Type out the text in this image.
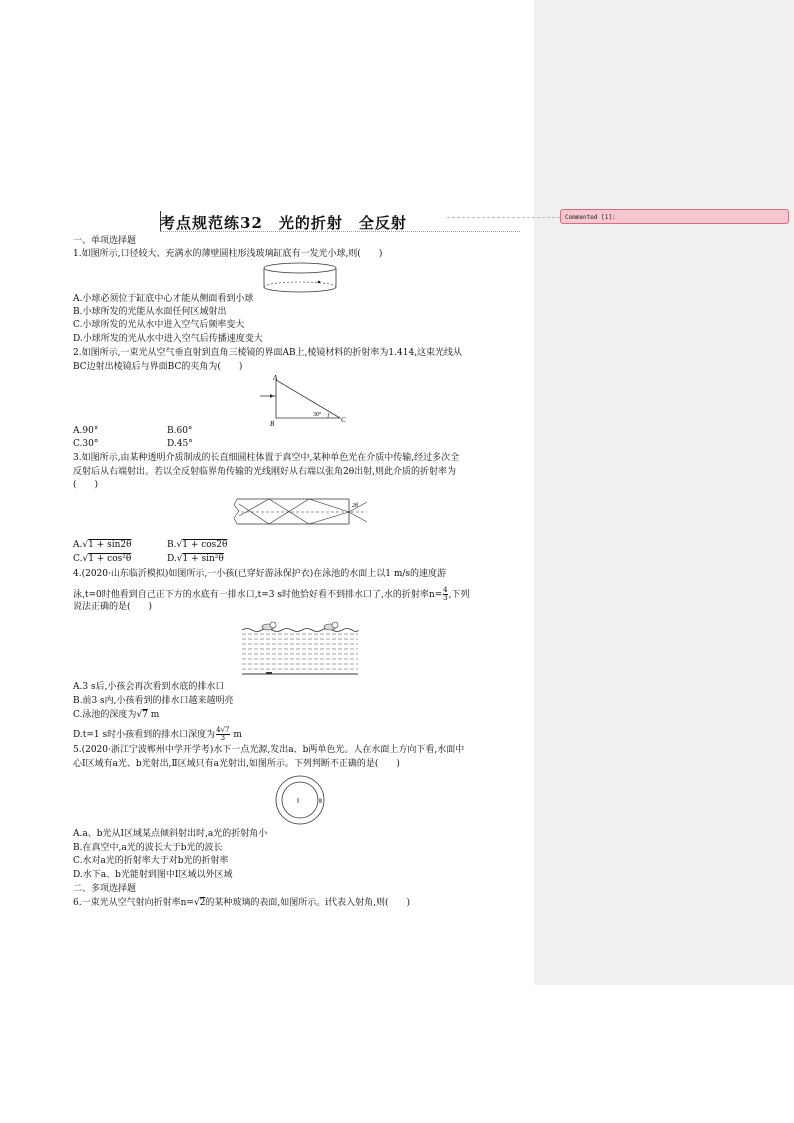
Commented [1]:
考点规范练32　光的折射　全反射
一、单项选择题
1.如图所示,口径较大、充满水的薄壁圆柱形浅玻璃缸底有一发光小球,则(　　)
A.小球必须位于缸底中心才能从侧面看到小球
B.小球所发的光能从水面任何区域射出
C.小球所发的光从水中进入空气后频率变大
D.小球所发的光从水中进入空气后传播速度变大
2.如图所示,一束光从空气垂直射到直角三棱镜的界面AB上,棱镜材料的折射率为1.414,这束光线从
BC边射出棱镜后与界面BC的夹角为(　　)
A
B	C
30°
A.90°	B.60°
C.30°	D.45°
3.如图所示,由某种透明介质制成的长直细圆柱体置于真空中,某种单色光在介质中传输,经过多次全
反射后从右端射出。若以全反射临界角传输的光线刚好从右端以张角2θ出射,则此介质的折射率为
(　　)
2θ
A.√1 + sin2θ	B.√1 + cos2θ
C.√1 + cos²θ	D.√1 + sin²θ
4.(2020·山东临沂模拟)如图所示,一小孩(已穿好游泳保护衣)在泳池的水面上以1 m/s的速度游
泳,t=0时他看到自己正下方的水底有一排水口,t=3 s时他恰好看不到排水口了,水的折射率$n= \frac{4}{3}$ ,下列
说法正确的是(　　)
A.3 s后,小孩会再次看到水底的排水口
B.前3 s内,小孩看到的排水口越来越明亮
C.泳池的深度为√7 m
D.t=1 s时小孩看到的排水口深度为 $\frac{4√7}{3}$ m
5.(2020·浙江宁波郸州中学开学考)水下一点光源,发出a、b两单色光。人在水面上方向下看,水面中
心Ⅰ区域有a光、b光射出,Ⅱ区域只有a光射出,如图所示。下列判断不正确的是(　　)
Ⅰ	Ⅱ
A.a、b光从Ⅰ区域某点倾斜射出时,a光的折射角小
B.在真空中,a光的波长大于b光的波长
C.水对a光的折射率大于对b光的折射率
D.水下a、b光能射到图中Ⅰ区域以外区域
二、多项选择题
6.一束光从空气射向折射率n=√2的某种玻璃的表面,如图所示。i代表入射角,则(　　)
